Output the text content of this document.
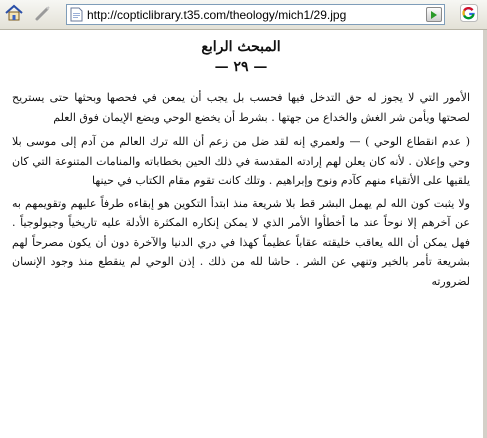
http://copticlibrary.t35.com/theology/mich1/29.jpg
المبحث الرابع
— ٢٩ —

الأمور التي لا يجوز له حق التدخل فيها فحسب بل يجب أن يمعن في فحصها وبحثها حتى يستريح لصحتها ويأمن شر الغش والخداع من جهتها . بشرط أن يخضع الوحي ويضع الإيمان فوق العلم

( عدم انقطاع الوحي ) — ولعمري إنه لقد ضل من زعم أن الله ترك العالم من آدم إلى موسى بلا وحي وإعلان . لأنه كان يعلن لهم إرادته المقدسة في ذلك الحين بخطاباته والمنامات المتنوعة التي كان يلقيها على الأتقياء منهم كآدم ونوح وإبراهيم . وتلك كانت تقوم مقام الكتاب في حينها

ولا يثبت كون الله لم يهمل البشر قط بلا شريعة منذ ابتدأ التكوين هو إبقاءه طرفاً عليهم وتقويمهم به عن آخرهم إلا نوحاً عند ما أخطأوا الأمر الذي لا يمكن إنكاره المكثرة الأدلة عليه تاريخياً وجيولوجياً . فهل يمكن أن الله يعاقب خليقته عقاباً عظيماً كهذا في دري الدنيا والآخرة دون أن يكون مصرحاً لهم بشريعة تأمر بالخير وتنهي عن الشر . حاشا لله من ذلك . إذن الوحي لم ينقطع منذ وجود الإنسان لضرورته
